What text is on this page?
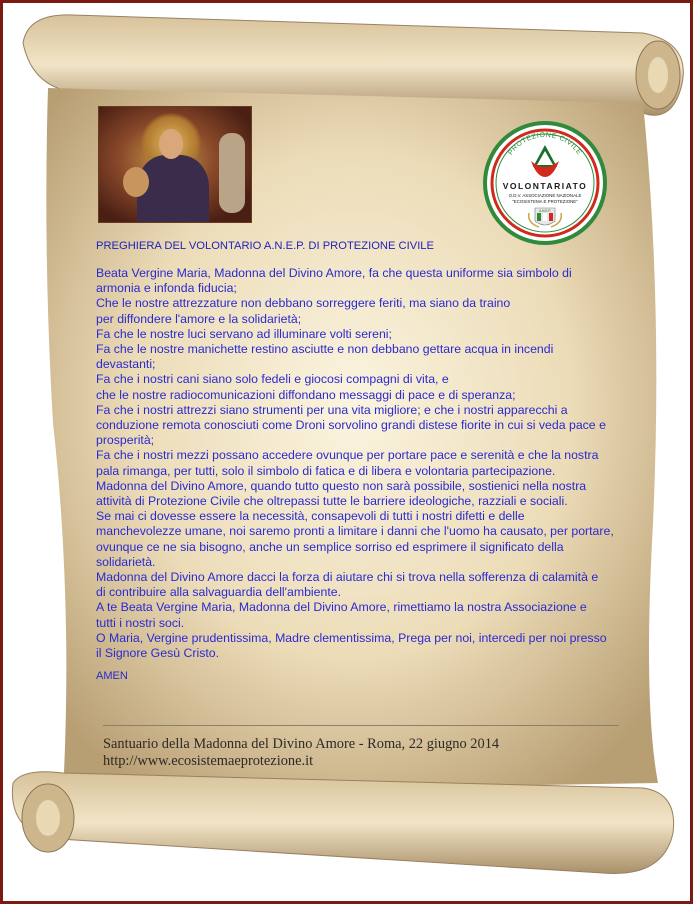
PROTEZIONE CIVILE
VOLONTARIATO
O.D.V. ASSOCIAZIONE NAZIONALE
"ECOSISTEMA E PROTEZIONE"
A.N.E.P.
PREGHIERA DEL VOLONTARIO A.N.E.P. DI PROTEZIONE CIVILE

Beata Vergine Maria, Madonna del Divino Amore, fa che questa uniforme sia simbolo di

armonia e infonda fiducia;

Che le nostre attrezzature non debbano sorreggere feriti, ma siano da traino

per diffondere l'amore e la solidarietà;

Fa che le nostre luci servano ad illuminare volti sereni;

Fa che le nostre manichette restino asciutte e non debbano gettare acqua in incendi

devastanti;

Fa che i nostri cani siano solo fedeli e giocosi compagni di vita, e

che le nostre radiocomunicazioni diffondano messaggi di pace e di speranza;

Fa che i nostri attrezzi siano strumenti per una vita migliore; e che i nostri apparecchi a

conduzione remota conosciuti come Droni sorvolino grandi distese fiorite in cui si veda pace e

prosperità;

Fa che i nostri mezzi possano accedere ovunque per portare pace e serenità e che la nostra

pala rimanga, per tutti, solo il simbolo di fatica e di libera e volontaria partecipazione.

Madonna del Divino Amore, quando tutto questo non sarà possibile, sostienici nella nostra

attività di Protezione Civile che oltrepassi tutte le barriere ideologiche, razziali e sociali.

Se mai ci dovesse essere la necessità, consapevoli di tutti i nostri difetti e delle

manchevolezze umane, noi saremo pronti a limitare i danni che l'uomo ha causato, per portare,

ovunque ce ne sia bisogno, anche un semplice sorriso ed esprimere il significato della

solidarietà.

Madonna del Divino Amore dacci la forza di aiutare chi si trova nella sofferenza di calamità e

di contribuire alla salvaguardia dell'ambiente.

A te Beata Vergine Maria, Madonna del Divino Amore, rimettiamo la nostra Associazione e

tutti i nostri soci.

O Maria, Vergine prudentissima, Madre clementissima, Prega per noi, intercedi per noi presso

il Signore Gesù Cristo.

AMEN
Santuario della Madonna del Divino Amore - Roma, 22 giugno 2014
http://www.ecosistemaeprotezione.it
